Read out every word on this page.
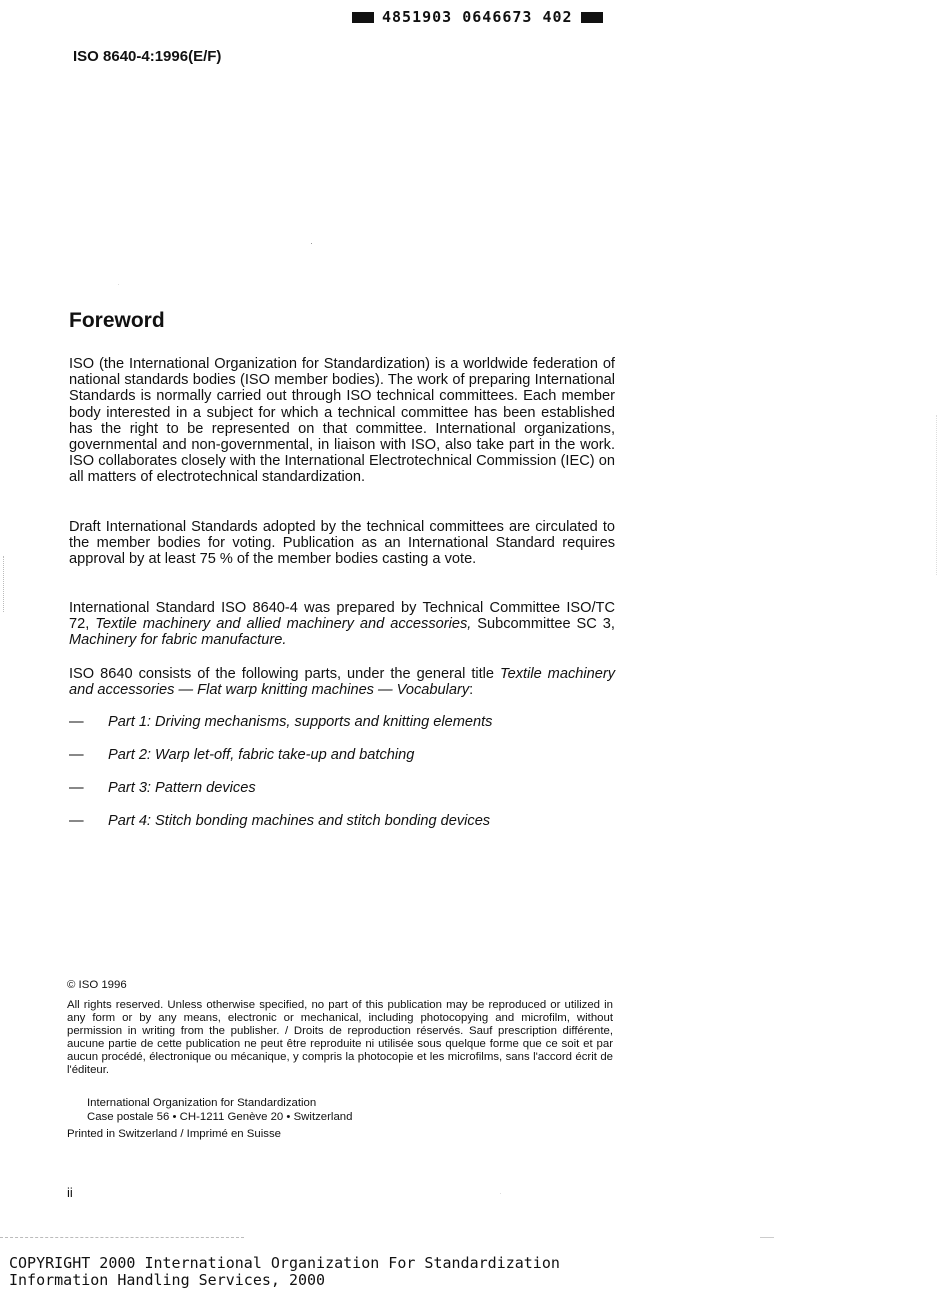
4851903 0646673 402
ISO 8640-4:1996(E/F)
Foreword

ISO (the International Organization for Standardization) is a worldwide federation of national standards bodies (ISO member bodies). The work of preparing International Standards is normally carried out through ISO technical committees. Each member body interested in a subject for which a technical committee has been established has the right to be represented on that committee. International organizations, governmental and non-governmental, in liaison with ISO, also take part in the work. ISO collaborates closely with the International Electrotechnical Commission (IEC) on all matters of electrotechnical standardization.

Draft International Standards adopted by the technical committees are circulated to the member bodies for voting. Publication as an International Standard requires approval by at least 75 % of the member bodies casting a vote.

International Standard ISO 8640-4 was prepared by Technical Committee ISO/TC 72, Textile machinery and allied machinery and accessories, Subcommittee SC 3, Machinery for fabric manufacture.

ISO 8640 consists of the following parts, under the general title Textile machinery and accessories — Flat warp knitting machines — Vocabulary:

— Part 1: Driving mechanisms, supports and knitting elements
— Part 2: Warp let-off, fabric take-up and batching
— Part 3: Pattern devices
— Part 4: Stitch bonding machines and stitch bonding devices
© ISO 1996
All rights reserved. Unless otherwise specified, no part of this publication may be reproduced or utilized in any form or by any means, electronic or mechanical, including photocopying and microfilm, without permission in writing from the publisher. / Droits de reproduction réservés. Sauf prescription différente, aucune partie de cette publication ne peut être reproduite ni utilisée sous quelque forme que ce soit et par aucun procédé, électronique ou mécanique, y compris la photocopie et les microfilms, sans l'accord écrit de l'éditeur.
International Organization for Standardization
Case postale 56 • CH-1211 Genève 20 • Switzerland
Printed in Switzerland / Imprimé en Suisse
ii
COPYRIGHT 2000 International Organization For Standardization
Information Handling Services, 2000
